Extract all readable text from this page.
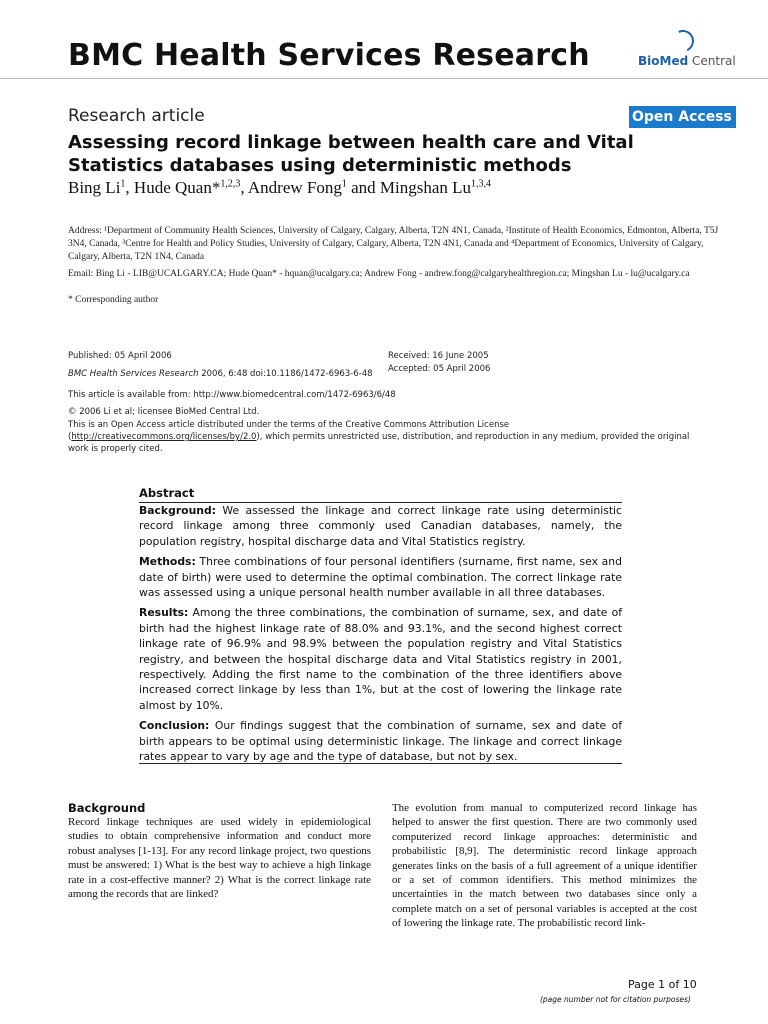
BMC Health Services Research	BioMed Central
Research article	Open Access
Assessing record linkage between health care and Vital Statistics databases using deterministic methods
Bing Li$^1$, Hude Quan*$^{1,2,3}$, Andrew Fong$^1$ and Mingshan Lu$^{1,3,4}$
Address: ¹Department of Community Health Sciences, University of Calgary, Calgary, Alberta, T2N 4N1, Canada, ²Institute of Health Economics, Edmonton, Alberta, T5J 3N4, Canada, ³Centre for Health and Policy Studies, University of Calgary, Calgary, Alberta, T2N 4N1, Canada and ⁴Department of Economics, University of Calgary, Calgary, Alberta, T2N 1N4, Canada
Email: Bing Li - LIB@UCALGARY.CA; Hude Quan* - hquan@ucalgary.ca; Andrew Fong - andrew.fong@calgaryhealthregion.ca; Mingshan Lu - lu@ucalgary.ca
* Corresponding author
Published: 05 April 2006
BMC Health Services Research 2006, 6:48 doi:10.1186/1472-6963-6-48
Received: 16 June 2005
Accepted: 05 April 2006
This article is available from: http://www.biomedcentral.com/1472-6963/6/48
© 2006 Li et al; licensee BioMed Central Ltd.
This is an Open Access article distributed under the terms of the Creative Commons Attribution License (http://creativecommons.org/licenses/by/2.0), which permits unrestricted use, distribution, and reproduction in any medium, provided the original work is properly cited.
Abstract

Background: We assessed the linkage and correct linkage rate using deterministic record linkage among three commonly used Canadian databases, namely, the population registry, hospital discharge data and Vital Statistics registry.

Methods: Three combinations of four personal identifiers (surname, first name, sex and date of birth) were used to determine the optimal combination. The correct linkage rate was assessed using a unique personal health number available in all three databases.

Results: Among the three combinations, the combination of surname, sex, and date of birth had the highest linkage rate of 88.0% and 93.1%, and the second highest correct linkage rate of 96.9% and 98.9% between the population registry and Vital Statistics registry, and between the hospital discharge data and Vital Statistics registry in 2001, respectively. Adding the first name to the combination of the three identifiers above increased correct linkage by less than 1%, but at the cost of lowering the linkage rate almost by 10%.

Conclusion: Our findings suggest that the combination of surname, sex and date of birth appears to be optimal using deterministic linkage. The linkage and correct linkage rates appear to vary by age and the type of database, but not by sex.

Background
Record linkage techniques are used widely in epidemiological studies to obtain comprehensive information and conduct more robust analyses [1-13]. For any record linkage project, two questions must be answered: 1) What is the best way to achieve a high linkage rate in a cost-effective manner? 2) What is the correct linkage rate among the records that are linked?
The evolution from manual to computerized record linkage has helped to answer the first question. There are two commonly used computerized record linkage approaches: deterministic and probabilistic [8,9]. The deterministic record linkage approach generates links on the basis of a full agreement of a unique identifier or a set of common identifiers. This method minimizes the uncertainties in the match between two databases since only a complete match on a set of personal variables is accepted at the cost of lowering the linkage rate. The probabilistic record link-
Page 1 of 10
(page number not for citation purposes)
